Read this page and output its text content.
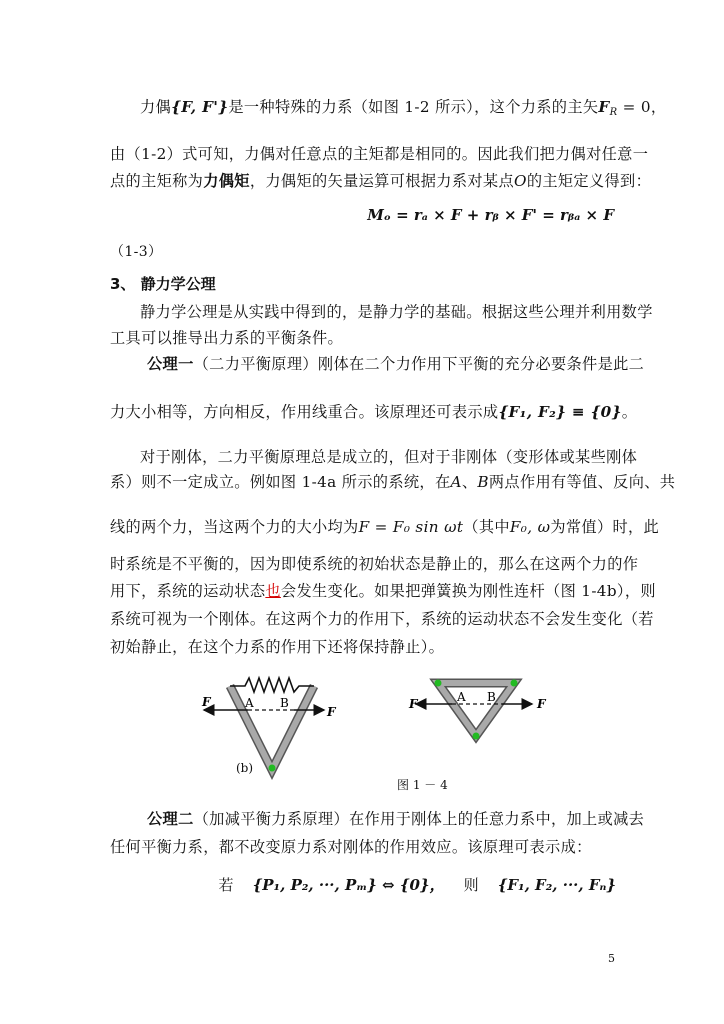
力偶{F, F'}是一种特殊的力系（如图 1-2 所示），这个力系的主矢$F_R = 0$，
由（1-2）式可知，力偶对任意点的主矩都是相同的。因此我们把力偶对任意一
点的主矩称为力偶矩，力偶矩的矢量运算可根据力系对某点O的主矩定义得到：
Mₒ = rₐ × F + rᵦ × F' = rᵦₐ × F
（1-3）
3、 静力学公理
静力学公理是从实践中得到的，是静力学的基础。根据这些公理并利用数学
工具可以推导出力系的平衡条件。
公理一（二力平衡原理）刚体在二个力作用下平衡的充分必要条件是此二
力大小相等，方向相反，作用线重合。该原理还可表示成{F₁, F₂} ≡ {0}。
对于刚体，二力平衡原理总是成立的，但对于非刚体（变形体或某些刚体
系）则不一定成立。例如图 1-4a 所示的系统，在A、B两点作用有等值、反向、共
线的两个力，当这两个力的大小均为F = F₀ sin ωt（其中F₀, ω为常值）时，此
时系统是不平衡的，因为即使系统的初始状态是静止的，那么在这两个力的作
用下，系统的运动状态也会发生变化。如果把弹簧换为刚性连杆（图 1-4b），则
系统可视为一个刚体。在这两个力的作用下，系统的运动状态不会发生变化（若
初始静止，在这个力系的作用下还将保持静止）。
F
F
A B	F	F
A B
(b)
图 1 － 4
公理二（加减平衡力系原理）在作用于刚体上的任意力系中，加上或减去
任何平衡力系，都不改变原力系对刚体的作用效应。该原理可表示成：
若 {P₁, P₂, ···, Pₘ} ⇔ {0}， 则 {F₁, F₂, ···, Fₙ}
5
